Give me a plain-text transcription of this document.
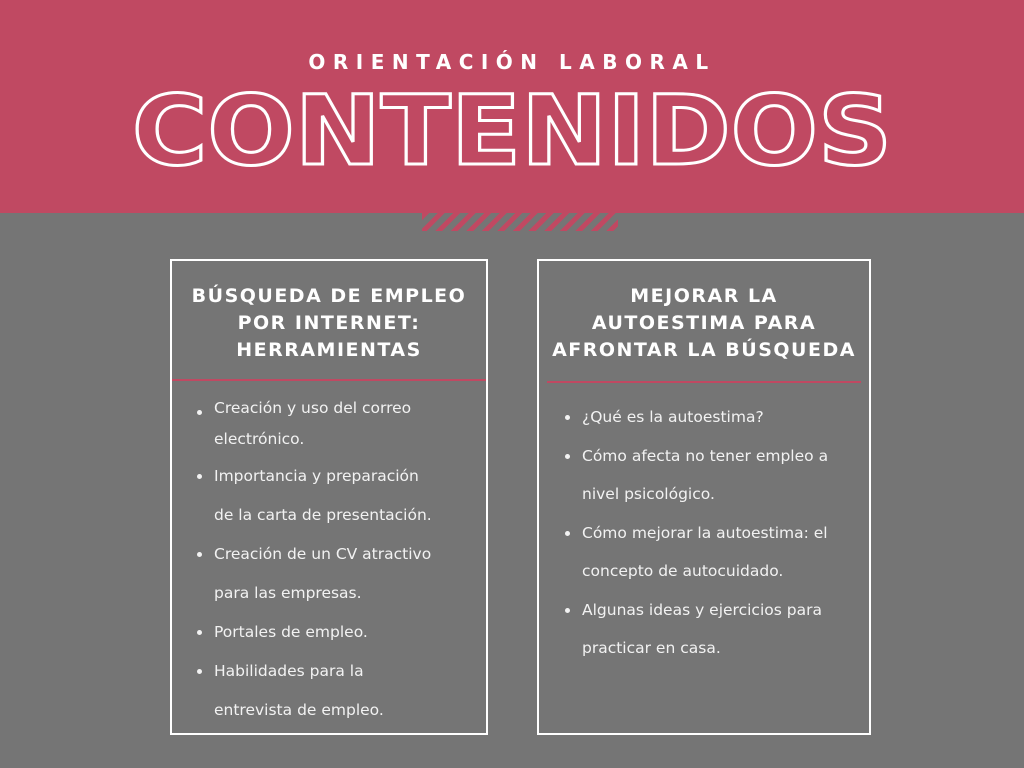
ORIENTACIÓN LABORAL
CONTENIDOS
BÚSQUEDA DE EMPLEO
POR INTERNET:
HERRAMIENTAS
Creación y uso del correo
electrónico.
Importancia y preparación
de la carta de presentación.
Creación de un CV atractivo
para las empresas.
Portales de empleo.
Habilidades para la
entrevista de empleo.
MEJORAR LA
AUTOESTIMA PARA
AFRONTAR LA BÚSQUEDA
¿Qué es la autoestima?
Cómo afecta no tener empleo a
nivel psicológico.
Cómo mejorar la autoestima: el
concepto de autocuidado.
Algunas ideas y ejercicios para
practicar en casa.
